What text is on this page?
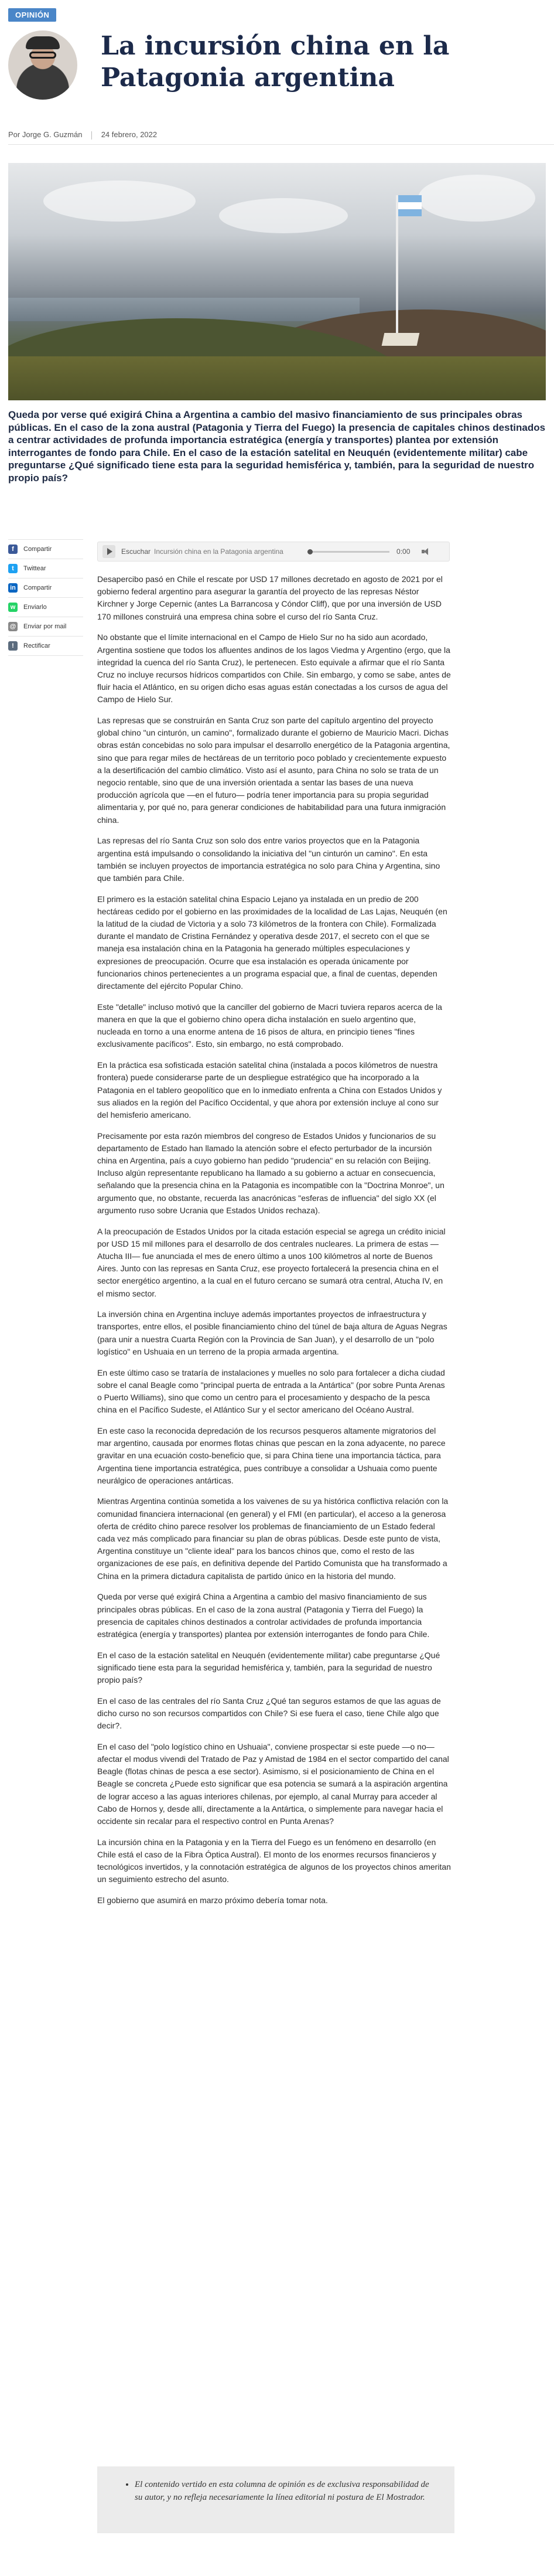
OPINIÓN
La incursión china en la Patagonia argentina
Por Jorge G. Guzmán 24 febrero, 2022

Queda por verse qué exigirá China a Argentina a cambio del masivo financiamiento de sus principales obras públicas. En el caso de la zona austral (Patagonia y Tierra del Fuego) la presencia de capitales chinos destinados a centrar actividades de profunda importancia estratégica (energía y transportes) plantea por extensión interrogantes de fondo para Chile. En el caso de la estación satelital en Neuquén (evidentemente militar) cabe preguntarse ¿Qué significado tiene esta para la seguridad hemisférica y, también, para la seguridad de nuestro propio país?

f	Compartir
t	Twittear
in Compartir
w	Enviarlo
@ Enviar por mail
!	Rectificar
Escuchar Incursión china en la Patagonia argentina	0:00

Desapercibo pasó en Chile el rescate por USD 17 millones decretado en agosto de 2021 por el gobierno federal argentino para asegurar la garantía del proyecto de las represas Néstor Kirchner y Jorge Cepernic (antes La Barrancosa y Cóndor Cliff), que por una inversión de USD 170 millones construirá una empresa china sobre el curso del río Santa Cruz.

No obstante que el límite internacional en el Campo de Hielo Sur no ha sido aun acordado, Argentina sostiene que todos los afluentes andinos de los lagos Viedma y Argentino (ergo, que la integridad la cuenca del río Santa Cruz), le pertenecen. Esto equivale a afirmar que el río Santa Cruz no incluye recursos hídricos compartidos con Chile. Sin embargo, y como se sabe, antes de fluir hacia el Atlántico, en su origen dicho esas aguas están conectadas a los cursos de agua del Campo de Hielo Sur.

Las represas que se construirán en Santa Cruz son parte del capítulo argentino del proyecto global chino "un cinturón, un camino", formalizado durante el gobierno de Mauricio Macri. Dichas obras están concebidas no solo para impulsar el desarrollo energético de la Patagonia argentina, sino que para regar miles de hectáreas de un territorio poco poblado y crecientemente expuesto a la desertificación del cambio climático. Visto así el asunto, para China no solo se trata de un negocio rentable, sino que de una inversión orientada a sentar las bases de una nueva producción agrícola que —en el futuro— podría tener importancia para su propia seguridad alimentaria y, por qué no, para generar condiciones de habitabilidad para una futura inmigración china.

Las represas del río Santa Cruz son solo dos entre varios proyectos que en la Patagonia argentina está impulsando o consolidando la iniciativa del "un cinturón un camino". En esta también se incluyen proyectos de importancia estratégica no solo para China y Argentina, sino que también para Chile.

El primero es la estación satelital china Espacio Lejano ya instalada en un predio de 200 hectáreas cedido por el gobierno en las proximidades de la localidad de Las Lajas, Neuquén (en la latitud de la ciudad de Victoria y a solo 73 kilómetros de la frontera con Chile). Formalizada durante el mandato de Cristina Fernández y operativa desde 2017, el secreto con el que se maneja esa instalación china en la Patagonia ha generado múltiples especulaciones y expresiones de preocupación. Ocurre que esa instalación es operada únicamente por funcionarios chinos pertenecientes a un programa espacial que, a final de cuentas, dependen directamente del ejército Popular Chino.

Este "detalle" incluso motivó que la canciller del gobierno de Macri tuviera reparos acerca de la manera en que la que el gobierno chino opera dicha instalación en suelo argentino que, nucleada en torno a una enorme antena de 16 pisos de altura, en principio tienes "fines exclusivamente pacíficos". Esto, sin embargo, no está comprobado.

En la práctica esa sofisticada estación satelital china (instalada a pocos kilómetros de nuestra frontera) puede considerarse parte de un despliegue estratégico que ha incorporado a la Patagonia en el tablero geopolítico que en lo inmediato enfrenta a China con Estados Unidos y sus aliados en la región del Pacífico Occidental, y que ahora por extensión incluye al cono sur del hemisferio americano.

Precisamente por esta razón miembros del congreso de Estados Unidos y funcionarios de su departamento de Estado han llamado la atención sobre el efecto perturbador de la incursión china en Argentina, país a cuyo gobierno han pedido "prudencia" en su relación con Beijing. Incluso algún representante republicano ha llamado a su gobierno a actuar en consecuencia, señalando que la presencia china en la Patagonia es incompatible con la "Doctrina Monroe", un argumento que, no obstante, recuerda las anacrónicas "esferas de influencia" del siglo XX (el argumento ruso sobre Ucrania que Estados Unidos rechaza).

A la preocupación de Estados Unidos por la citada estación especial se agrega un crédito inicial por USD 15 mil millones para el desarrollo de dos centrales nucleares. La primera de estas —Atucha III— fue anunciada el mes de enero último a unos 100 kilómetros al norte de Buenos Aires. Junto con las represas en Santa Cruz, ese proyecto fortalecerá la presencia china en el sector energético argentino, a la cual en el futuro cercano se sumará otra central, Atucha IV, en el mismo sector.

La inversión china en Argentina incluye además importantes proyectos de infraestructura y transportes, entre ellos, el posible financiamiento chino del túnel de baja altura de Aguas Negras (para unir a nuestra Cuarta Región con la Provincia de San Juan), y el desarrollo de un "polo logístico" en Ushuaia en un terreno de la propia armada argentina.

En este último caso se trataría de instalaciones y muelles no solo para fortalecer a dicha ciudad sobre el canal Beagle como "principal puerta de entrada a la Antártica" (por sobre Punta Arenas o Puerto Williams), sino que como un centro para el procesamiento y despacho de la pesca china en el Pacífico Sudeste, el Atlántico Sur y el sector americano del Océano Austral.

En este caso la reconocida depredación de los recursos pesqueros altamente migratorios del mar argentino, causada por enormes flotas chinas que pescan en la zona adyacente, no parece gravitar en una ecuación costo-beneficio que, si para China tiene una importancia táctica, para Argentina tiene importancia estratégica, pues contribuye a consolidar a Ushuaia como puente neurálgico de operaciones antárticas.

Mientras Argentina continúa sometida a los vaivenes de su ya histórica conflictiva relación con la comunidad financiera internacional (en general) y el FMI (en particular), el acceso a la generosa oferta de crédito chino parece resolver los problemas de financiamiento de un Estado federal cada vez más complicado para financiar su plan de obras públicas. Desde este punto de vista, Argentina constituye un "cliente ideal" para los bancos chinos que, como el resto de las organizaciones de ese país, en definitiva depende del Partido Comunista que ha transformado a China en la primera dictadura capitalista de partido único en la historia del mundo.

Queda por verse qué exigirá China a Argentina a cambio del masivo financiamiento de sus principales obras públicas. En el caso de la zona austral (Patagonia y Tierra del Fuego) la presencia de capitales chinos destinados a controlar actividades de profunda importancia estratégica (energía y transportes) plantea por extensión interrogantes de fondo para Chile.

En el caso de la estación satelital en Neuquén (evidentemente militar) cabe preguntarse ¿Qué significado tiene esta para la seguridad hemisférica y, también, para la seguridad de nuestro propio país?

En el caso de las centrales del río Santa Cruz ¿Qué tan seguros estamos de que las aguas de dicho curso no son recursos compartidos con Chile? Si ese fuera el caso, tiene Chile algo que decir?.

En el caso del "polo logístico chino en Ushuaia", conviene prospectar si este puede —o no— afectar el modus vivendi del Tratado de Paz y Amistad de 1984 en el sector compartido del canal Beagle (flotas chinas de pesca a ese sector). Asimismo, si el posicionamiento de China en el Beagle se concreta ¿Puede esto significar que esa potencia se sumará a la aspiración argentina de lograr acceso a las aguas interiores chilenas, por ejemplo, al canal Murray para acceder al Cabo de Hornos y, desde allí, directamente a la Antártica, o simplemente para navegar hacia el occidente sin recalar para el respectivo control en Punta Arenas?

La incursión china en la Patagonia y en la Tierra del Fuego es un fenómeno en desarrollo (en Chile está el caso de la Fibra Óptica Austral). El monto de los enormes recursos financieros y tecnológicos invertidos, y la connotación estratégica de algunos de los proyectos chinos ameritan un seguimiento estrecho del asunto.

El gobierno que asumirá en marzo próximo debería tomar nota.

• El contenido vertido en esta columna de opinión es de exclusiva responsabilidad de su autor, y no refleja necesariamente la línea editorial ni postura de El Mostrador.
